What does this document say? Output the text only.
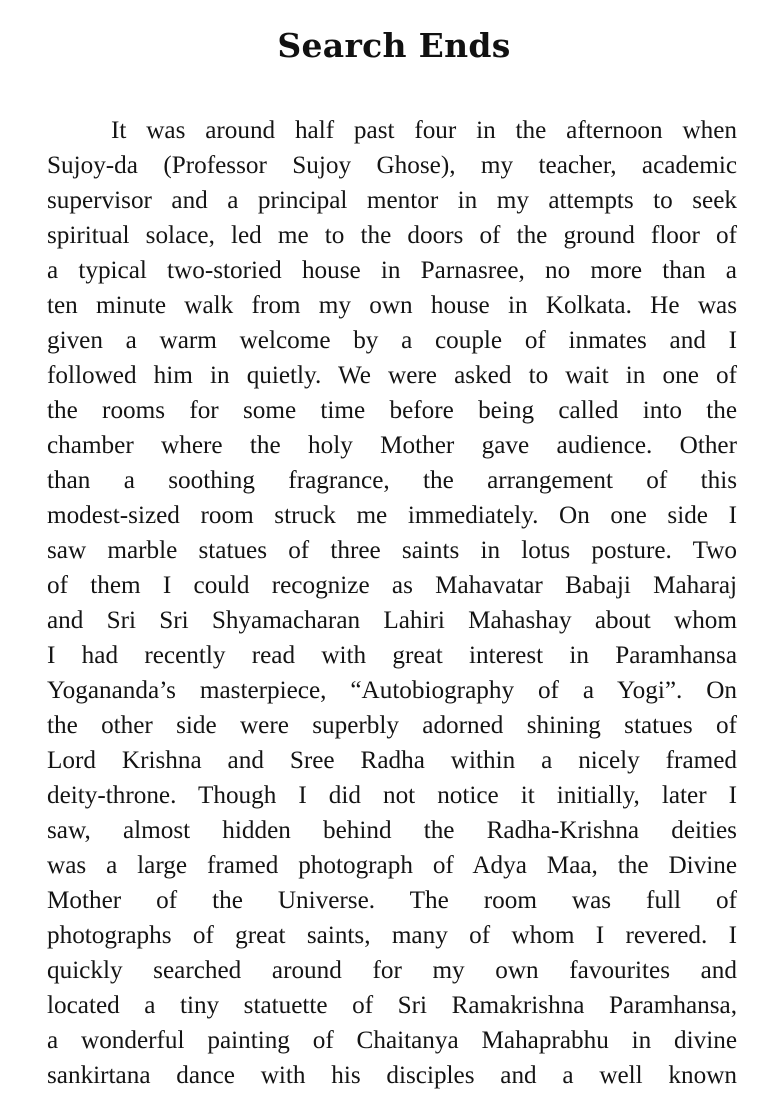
Search Ends
It was around half past four in the afternoon when
Sujoy-da (Professor Sujoy Ghose), my teacher, academic
supervisor and a principal mentor in my attempts to seek
spiritual solace, led me to the doors of the ground floor of
a typical two-storied house in Parnasree, no more than a
ten minute walk from my own house in Kolkata. He was
given a warm welcome by a couple of inmates and I
followed him in quietly. We were asked to wait in one of
the rooms for some time before being called into the
chamber where the holy Mother gave audience. Other
than a soothing fragrance, the arrangement of this
modest-sized room struck me immediately. On one side I
saw marble statues of three saints in lotus posture. Two
of them I could recognize as Mahavatar Babaji Maharaj
and Sri Sri Shyamacharan Lahiri Mahashay about whom
I had recently read with great interest in Paramhansa
Yogananda’s masterpiece, “Autobiography of a Yogi”. On
the other side were superbly adorned shining statues of
Lord Krishna and Sree Radha within a nicely framed
deity-throne. Though I did not notice it initially, later I
saw, almost hidden behind the Radha-Krishna deities
was a large framed photograph of Adya Maa, the Divine
Mother of the Universe. The room was full of
photographs of great saints, many of whom I revered. I
quickly searched around for my own favourites and
located a tiny statuette of Sri Ramakrishna Paramhansa,
a wonderful painting of Chaitanya Mahaprabhu in divine
sankirtana dance with his disciples and a well known
